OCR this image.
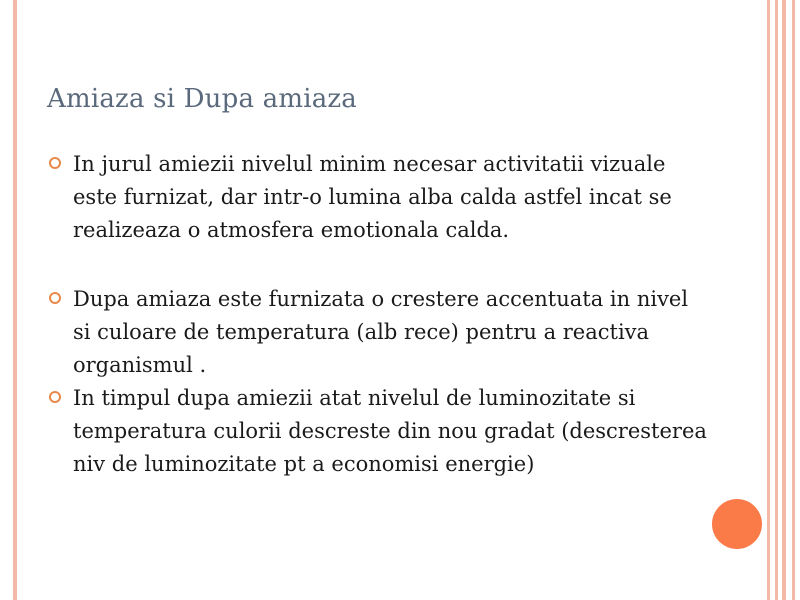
Amiaza si Dupa amiaza
In jurul amiezii nivelul minim necesar activitatii vizuale este furnizat, dar intr-o lumina alba calda astfel incat se realizeaza o atmosfera emotionala calda.
Dupa amiaza este furnizata o crestere accentuata in nivel si culoare de temperatura (alb rece) pentru a reactiva organismul .
In timpul dupa amiezii atat nivelul de luminozitate si temperatura culorii descreste din nou gradat (descresterea niv de luminozitate pt a economisi energie)
